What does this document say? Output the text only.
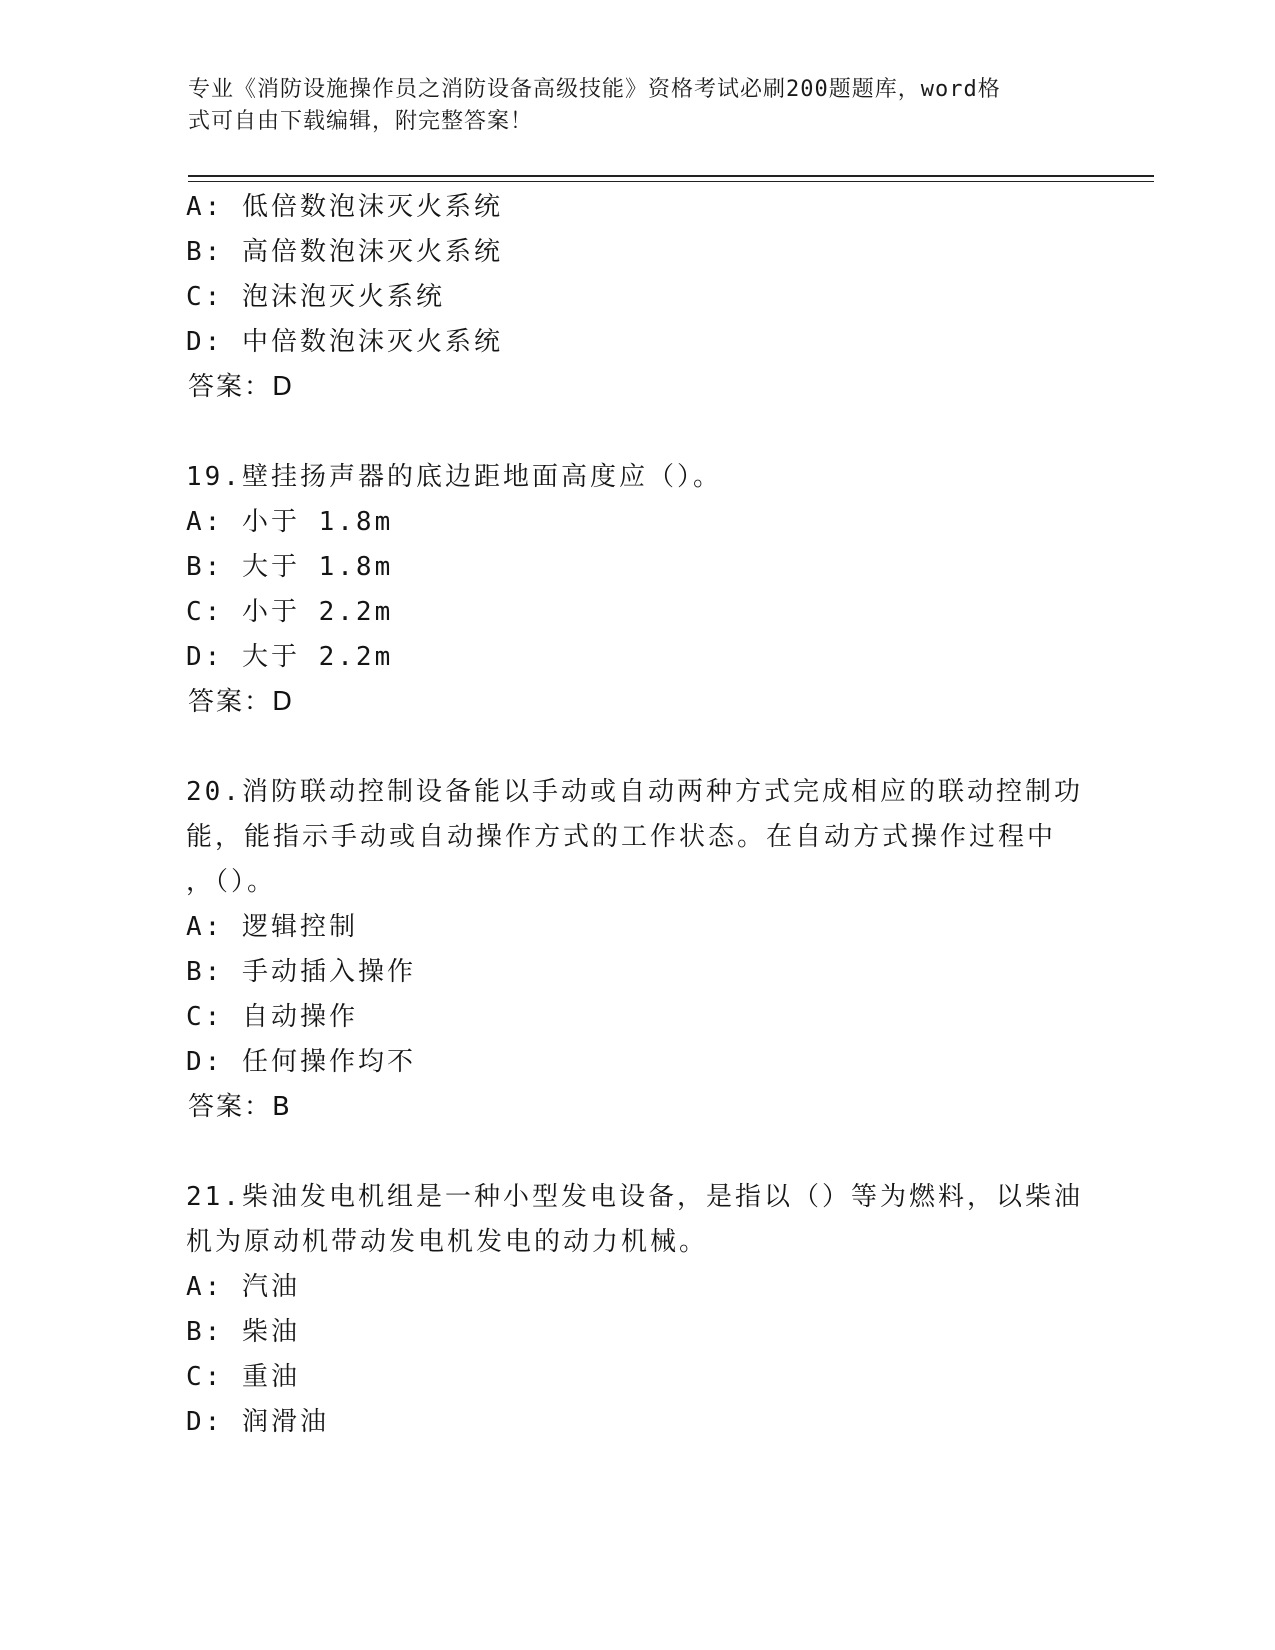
专业《消防设施操作员之消防设备高级技能》资格考试必刷200题题库，word格
式可自由下载编辑，附完整答案！
A: 低倍数泡沫灭火系统
B: 高倍数泡沫灭火系统
C: 泡沫泡灭火系统
D: 中倍数泡沫灭火系统
答案：D
19.壁挂扬声器的底边距地面高度应（）。
A: 小于 1.8m
B: 大于 1.8m
C: 小于 2.2m
D: 大于 2.2m
答案：D
20.消防联动控制设备能以手动或自动两种方式完成相应的联动控制功
能，能指示手动或自动操作方式的工作状态。在自动方式操作过程中
，（）。
A: 逻辑控制
B: 手动插入操作
C: 自动操作
D: 任何操作均不
答案：B
21.柴油发电机组是一种小型发电设备，是指以（）等为燃料，以柴油
机为原动机带动发电机发电的动力机械。
A: 汽油
B: 柴油
C: 重油
D: 润滑油
